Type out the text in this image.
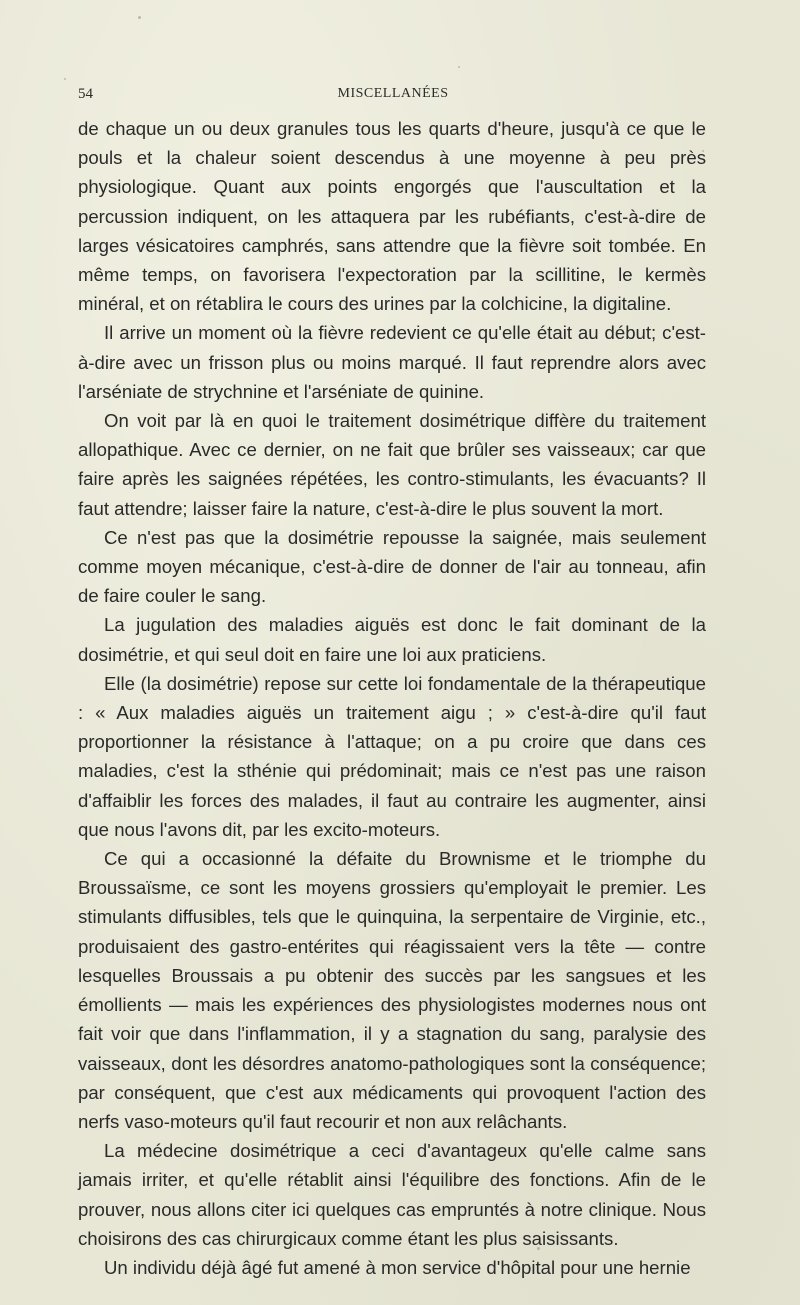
54	MISCELLANÉES

de chaque un ou deux granules tous les quarts d'heure, jusqu'à ce que le pouls et la chaleur soient descendus à une moyenne à peu près physiologique. Quant aux points engorgés que l'auscultation et la percussion indiquent, on les attaquera par les rubéfiants, c'est-à-dire de larges vésicatoires camphrés, sans attendre que la fièvre soit tombée. En même temps, on favorisera l'expectoration par la scillitine, le kermès minéral, et on rétablira le cours des urines par la colchicine, la digitaline.

Il arrive un moment où la fièvre redevient ce qu'elle était au début; c'est-à-dire avec un frisson plus ou moins marqué. Il faut reprendre alors avec l'arséniate de strychnine et l'arséniate de quinine.

On voit par là en quoi le traitement dosimétrique diffère du traitement allopathique. Avec ce dernier, on ne fait que brûler ses vaisseaux; car que faire après les saignées répétées, les contro-stimulants, les évacuants? Il faut attendre; laisser faire la nature, c'est-à-dire le plus souvent la mort.

Ce n'est pas que la dosimétrie repousse la saignée, mais seulement comme moyen mécanique, c'est-à-dire de donner de l'air au tonneau, afin de faire couler le sang.

La jugulation des maladies aiguës est donc le fait dominant de la dosimétrie, et qui seul doit en faire une loi aux praticiens.

Elle (la dosimétrie) repose sur cette loi fondamentale de la thérapeutique : « Aux maladies aiguës un traitement aigu ; » c'est-à-dire qu'il faut proportionner la résistance à l'attaque; on a pu croire que dans ces maladies, c'est la sthénie qui prédominait; mais ce n'est pas une raison d'affaiblir les forces des malades, il faut au contraire les augmenter, ainsi que nous l'avons dit, par les excito-moteurs.

Ce qui a occasionné la défaite du Brownisme et le triomphe du Broussaïsme, ce sont les moyens grossiers qu'employait le premier. Les stimulants diffusibles, tels que le quinquina, la serpentaire de Virginie, etc., produisaient des gastro-entérites qui réagissaient vers la tête — contre lesquelles Broussais a pu obtenir des succès par les sangsues et les émollients — mais les expériences des physiologistes modernes nous ont fait voir que dans l'inflammation, il y a stagnation du sang, paralysie des vaisseaux, dont les désordres anatomo-pathologiques sont la conséquence; par conséquent, que c'est aux médicaments qui provoquent l'action des nerfs vaso-moteurs qu'il faut recourir et non aux relâchants.

La médecine dosimétrique a ceci d'avantageux qu'elle calme sans jamais irriter, et qu'elle rétablit ainsi l'équilibre des fonctions. Afin de le prouver, nous allons citer ici quelques cas empruntés à notre clinique. Nous choisirons des cas chirurgicaux comme étant les plus saisissants.

Un individu déjà âgé fut amené à mon service d'hôpital pour une hernie
